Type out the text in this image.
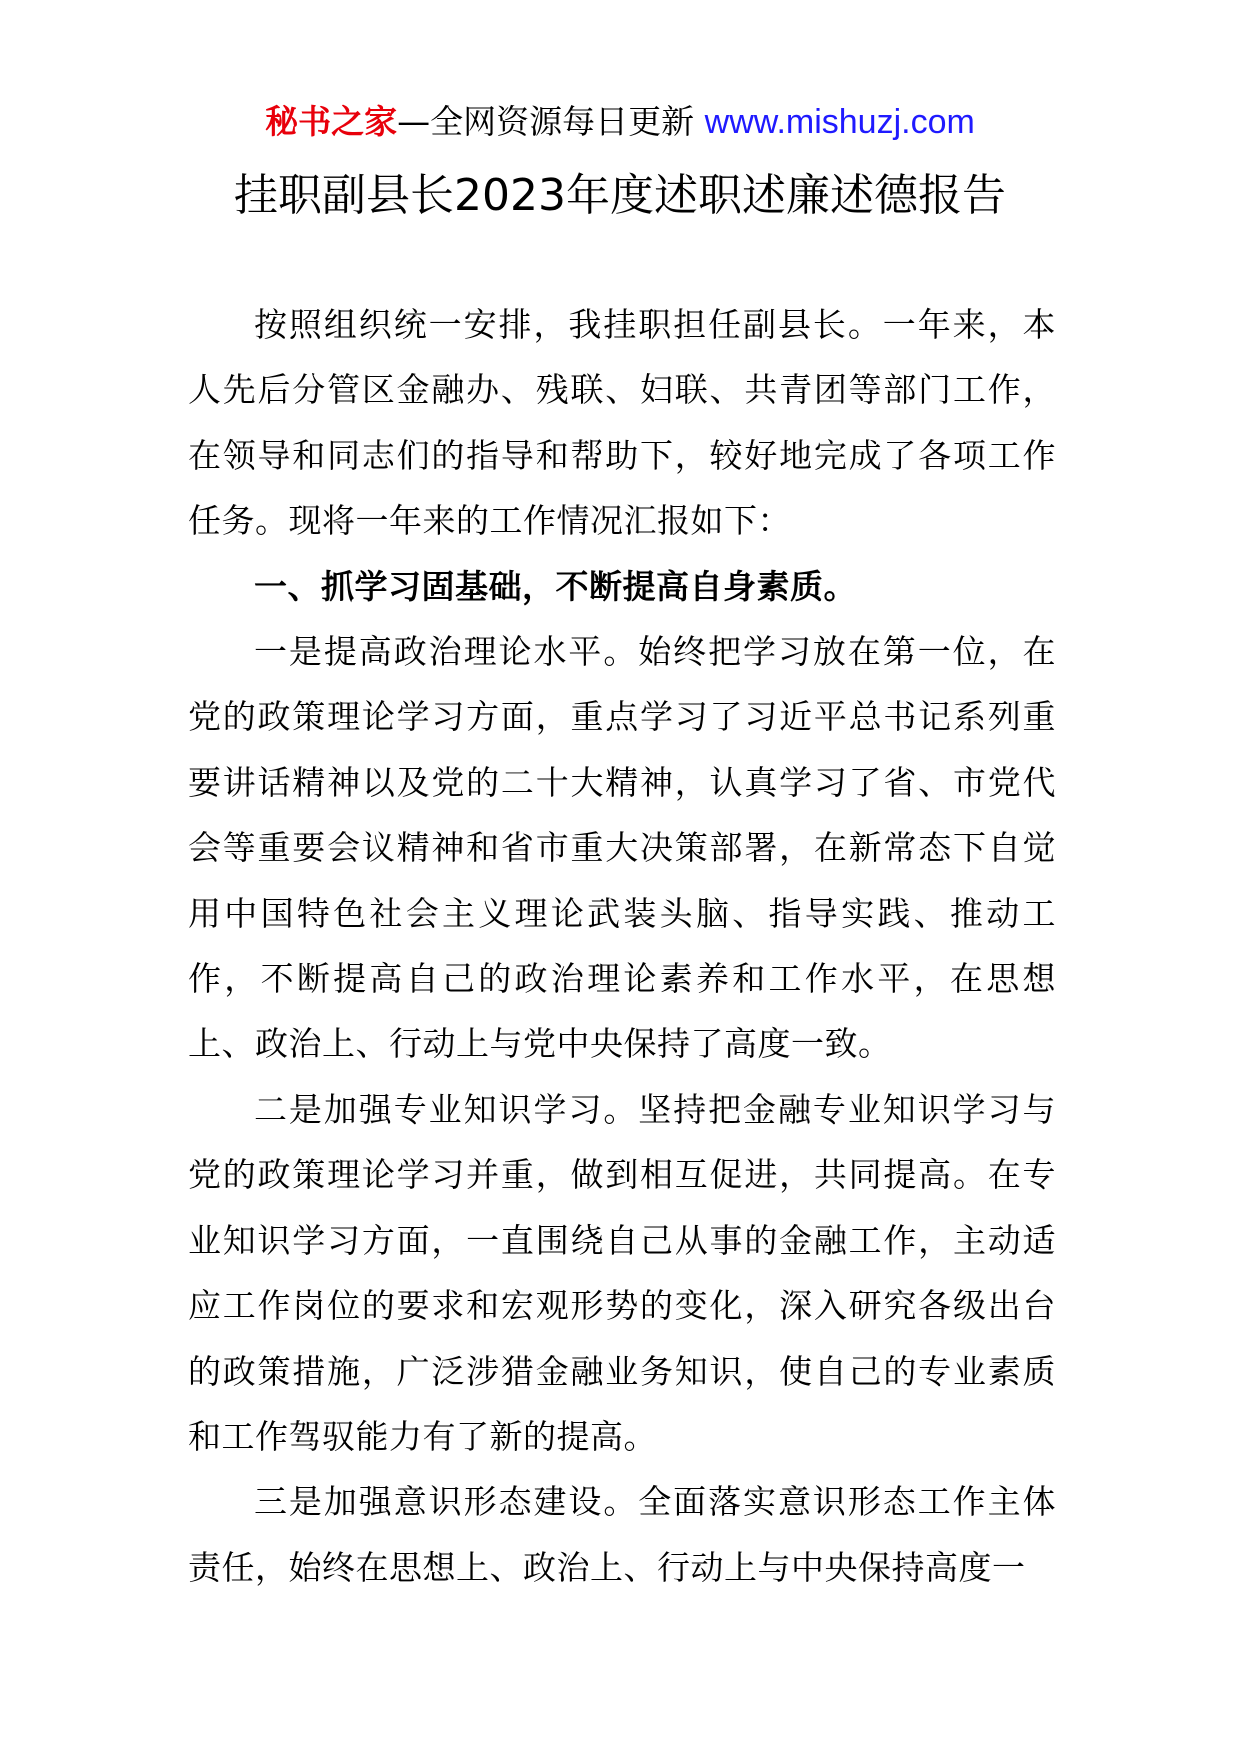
秘书之家—全网资源每日更新 www.mishuzj.com
挂职副县长2023年度述职述廉述德报告

按照组织统一安排，我挂职担任副县长。一年来，本人先后分管区金融办、残联、妇联、共青团等部门工作，在领导和同志们的指导和帮助下，较好地完成了各项工作任务。现将一年来的工作情况汇报如下：

一、抓学习固基础，不断提高自身素质。

一是提高政治理论水平。始终把学习放在第一位，在党的政策理论学习方面，重点学习了习近平总书记系列重要讲话精神以及党的二十大精神，认真学习了省、市党代会等重要会议精神和省市重大决策部署，在新常态下自觉用中国特色社会主义理论武装头脑、指导实践、推动工作，不断提高自己的政治理论素养和工作水平，在思想上、政治上、行动上与党中央保持了高度一致。

二是加强专业知识学习。坚持把金融专业知识学习与党的政策理论学习并重，做到相互促进，共同提高。在专业知识学习方面，一直围绕自己从事的金融工作，主动适应工作岗位的要求和宏观形势的变化，深入研究各级出台的政策措施，广泛涉猎金融业务知识，使自己的专业素质和工作驾驭能力有了新的提高。

三是加强意识形态建设。全面落实意识形态工作主体责任，始终在思想上、政治上、行动上与中央保持高度一
